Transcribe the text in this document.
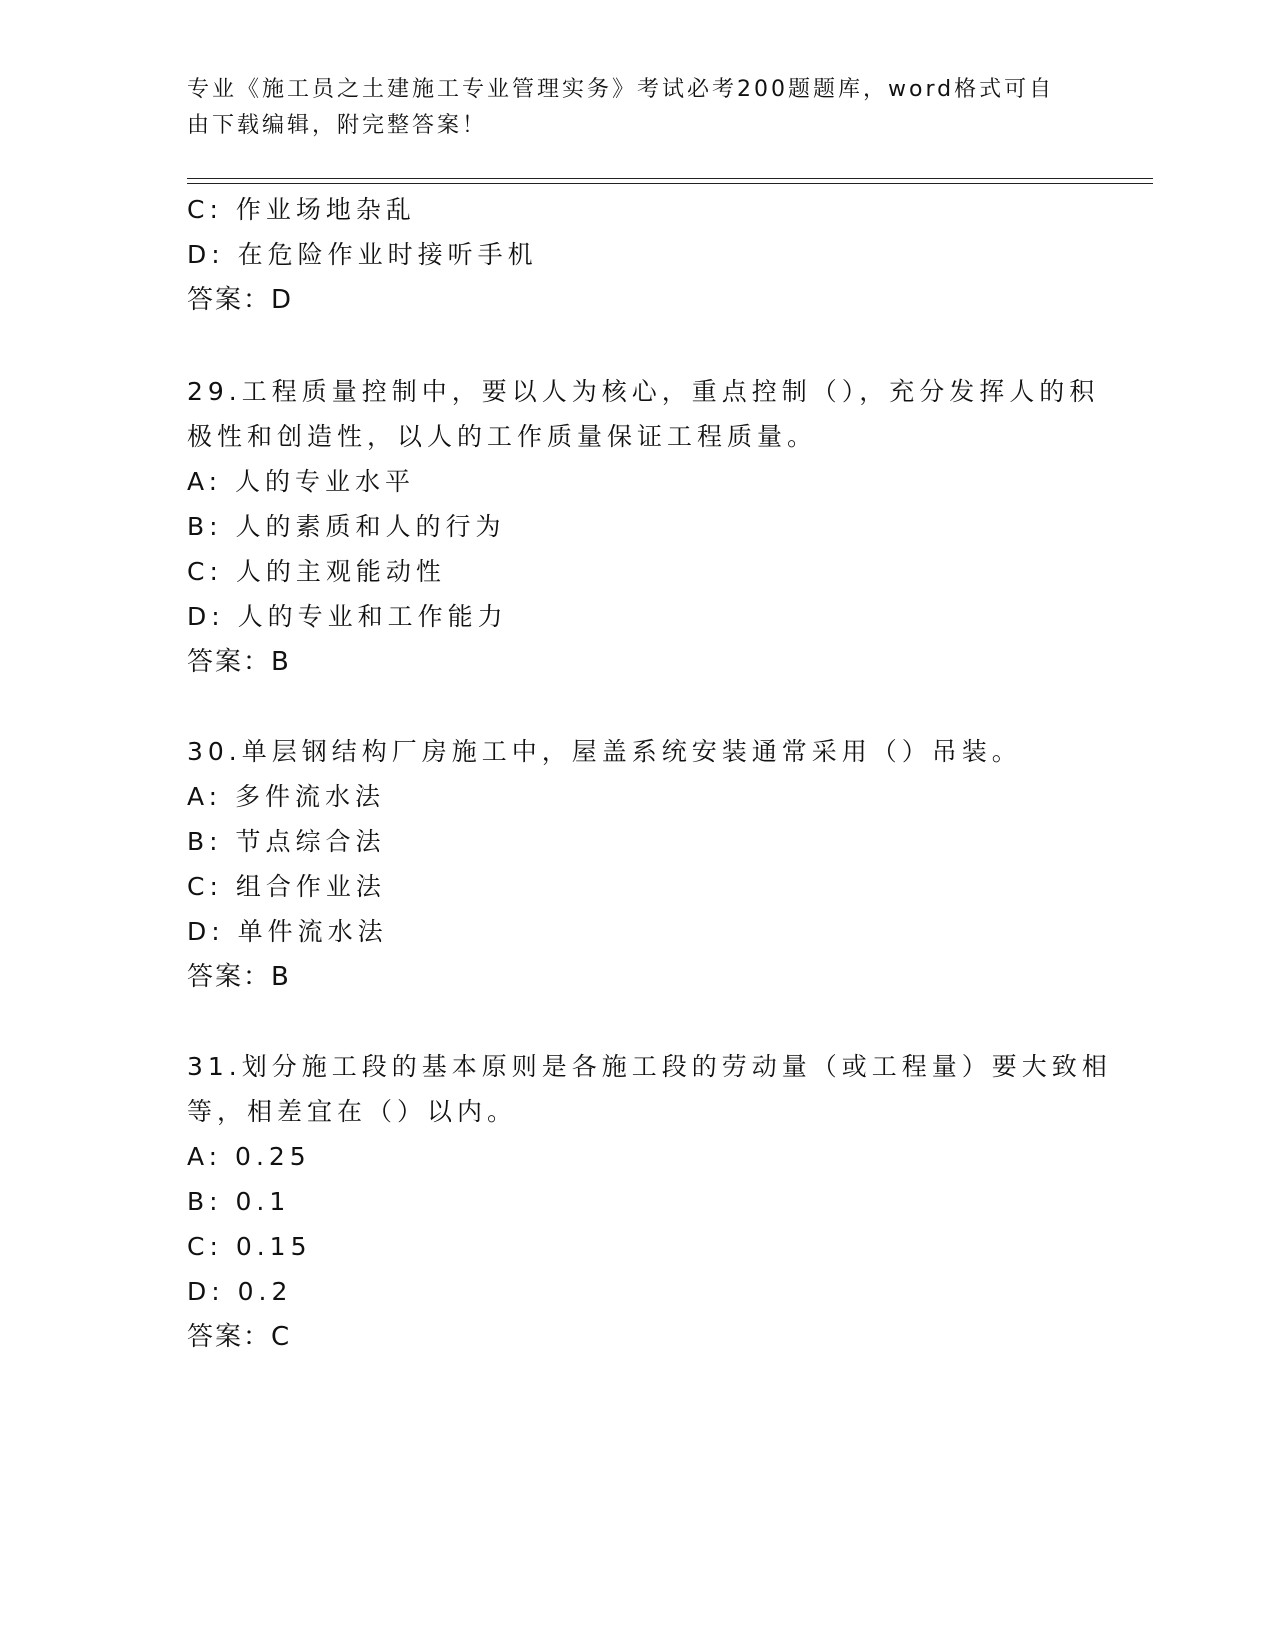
专业《施工员之土建施工专业管理实务》考试必考200题题库，word格式可自由下载编辑，附完整答案！
C: 作业场地杂乱
D: 在危险作业时接听手机
答案：D
29.工程质量控制中，要以人为核心，重点控制（），充分发挥人的积
极性和创造性，以人的工作质量保证工程质量。
A: 人的专业水平
B: 人的素质和人的行为
C: 人的主观能动性
D: 人的专业和工作能力
答案：B
30.单层钢结构厂房施工中，屋盖系统安装通常采用（）吊装。
A: 多件流水法
B: 节点综合法
C: 组合作业法
D: 单件流水法
答案：B
31.划分施工段的基本原则是各施工段的劳动量（或工程量）要大致相
等，相差宜在（）以内。
A: 0.25
B: 0.1
C: 0.15
D: 0.2
答案：C
